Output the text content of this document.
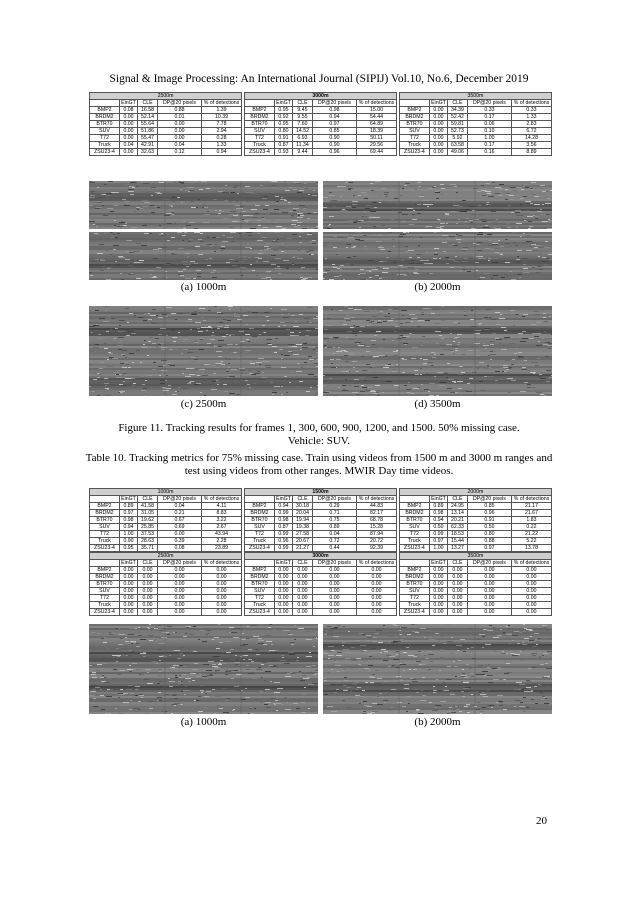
Signal & Image Processing: An International Journal (SIPIJ) Vol.10, No.6, December 2019
2500m				
	EinGT	CLE	DP@20 pixels	% of detections
BMP2	0.08	16.58	0.88	1.39
BRDM2	0.00	52.14	0.01	10.39
BTR70	0.00	55.64	0.00	7.78
SUV	0.00	51.86	0.00	2.94
T72	0.00	55.47	0.00	0.28
Truck	0.04	42.91	0.04	1.33
ZSU23-4	0.00	32.63	0.12	0.94
3000m				
	EinGT	CLE	DP@20 pixels	% of detections
BMP2	0.95	9.45	0.98	15.00
BRDM2	0.92	9.55	0.94	54.44
BTR70	0.95	7.60	0.97	64.89
SUV	0.80	14.52	0.85	18.39
T72	0.91	6.93	0.90	50.11
Truck	0.87	11.34	0.90	29.56
ZSU23-4	0.93	9.44	0.96	69.44
3500m				
	EinGT	CLE	DP@20 pixels	% of detections
BMP2	0.00	34.39	0.33	0.33
BRDM2	0.00	52.42	0.17	1.33
BTR70	0.00	59.81	0.06	2.83
SUV	0.00	52.73	0.10	6.72
T72	0.00	5.92	1.00	14.28
Truck	0.00	63.58	0.17	3.56
ZSU23-4	0.00	49.06	0.16	8.89
(a) 1000m	(b) 2000m
(c) 2500m	(d) 3500m
Figure 11. Tracking results for frames 1, 300, 600, 900, 1200, and 1500. 50% missing case.
Vehicle: SUV.
Table 10. Tracking metrics for 75% missing case. Train using videos from 1500 m and 3000 m ranges and
test using videos from other ranges. MWIR Day time videos.
1000m				
	EinGT	CLE	DP@20 pixels	% of detections
BMP2	0.89	41.58	0.04	4.11
BRDM2	0.97	31.05	0.21	8.83
BTR70	0.98	19.62	0.67	3.22
SUV	0.94	25.85	0.69	2.67
T72	1.00	37.53	0.00	43.94
Truck	0.90	28.63	0.39	2.28
ZSU23-4	0.95	35.71	0.08	23.89
1500m				
	EinGT	CLE	DP@20 pixels	% of detections
BMP2	0.94	30.18	0.29	44.83
BRDM2	0.99	20.04	0.71	82.17
BTR70	0.98	19.94	0.75	68.78
SUV	0.87	19.38	0.89	15.28
T72	0.99	27.58	0.04	87.94
Truck	0.96	20.67	0.72	20.72
ZSU23-4	0.99	21.27	0.44	92.39
2000m				
	EinGT	CLE	DP@20 pixels	% of detections
BMP2	0.89	24.95	0.85	21.17
BRDM2	0.98	13.14	0.96	21.67
BTR70	0.94	20.21	0.91	1.83
SUV	0.50	62.33	0.50	0.22
T72	0.99	18.53	0.80	21.22
Truck	0.97	15.44	0.88	5.22
ZSU23-4	1.00	13.27	0.97	13.78
2500m				
	EinGT	CLE	DP@20 pixels	% of detections
BMP2	0.00	0.00	0.00	0.00
BRDM2	0.00	0.00	0.00	0.00
BTR70	0.00	0.00	0.00	0.00
SUV	0.00	0.00	0.00	0.00
T72	0.00	0.00	0.00	0.00
Truck	0.00	0.00	0.00	0.00
ZSU23-4	0.00	0.00	0.00	0.00
3000m				
	EinGT	CLE	DP@20 pixels	% of detections
BMP2	0.00	0.00	0.00	0.00
BRDM2	0.00	0.00	0.00	0.00
BTR70	0.00	0.00	0.00	0.00
SUV	0.00	0.00	0.00	0.00
T72	0.00	0.00	0.00	0.00
Truck	0.00	0.00	0.00	0.00
ZSU23-4	0.00	0.00	0.00	0.00
3500m				
	EinGT	CLE	DP@20 pixels	% of detections
BMP2	0.00	0.00	0.00	0.00
BRDM2	0.00	0.00	0.00	0.00
BTR70	0.00	0.00	0.00	0.00
SUV	0.00	0.00	0.00	0.00
T72	0.00	0.00	0.00	0.00
Truck	0.00	0.00	0.00	0.00
ZSU23-4	0.00	0.00	0.00	0.00
(a) 1000m	(b) 2000m
20
